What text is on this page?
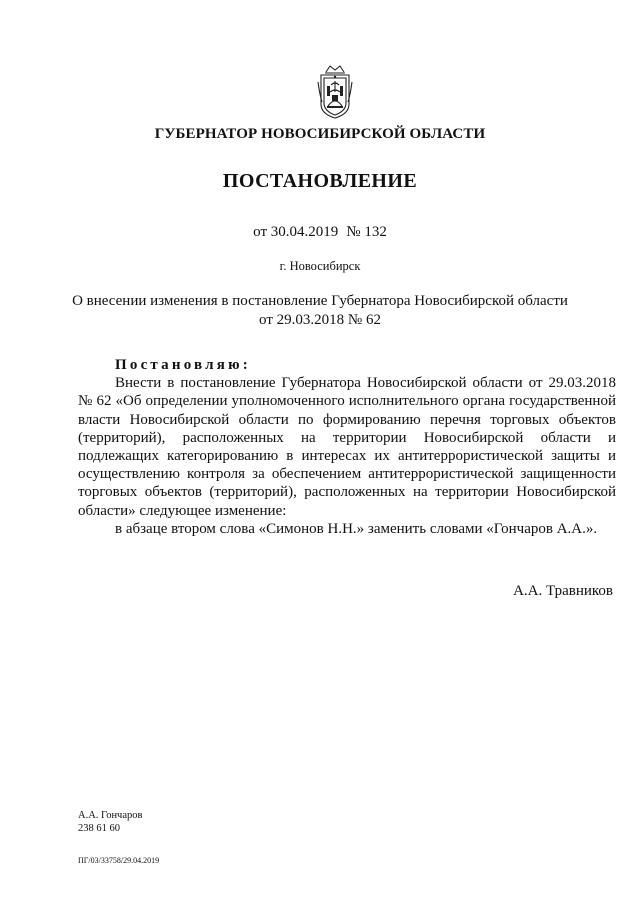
ГУБЕРНАТОР НОВОСИБИРСКОЙ ОБЛАСТИ
ПОСТАНОВЛЕНИЕ
от 30.04.2019 № 132
г. Новосибирск
О внесении изменения в постановление Губернатора Новосибирской области
от 29.03.2018 № 62
Постановляю:
Внести в постановление Губернатора Новосибирской области от 29.03.2018 № 62 «Об определении уполномоченного исполнительного органа государственной власти Новосибирской области по формированию перечня торговых объектов (территорий), расположенных на территории Новосибирской области и подлежащих категорированию в интересах их антитеррористической защиты и осуществлению контроля за обеспечением антитеррористической защищенности торговых объектов (территорий), расположенных на территории Новосибирской области» следующее изменение:
в абзаце втором слова «Симонов Н.Н.» заменить словами «Гончаров А.А.».
А.А. Травников
А.А. Гончаров
238 61 60
ПГ/03/33758/29.04.2019
